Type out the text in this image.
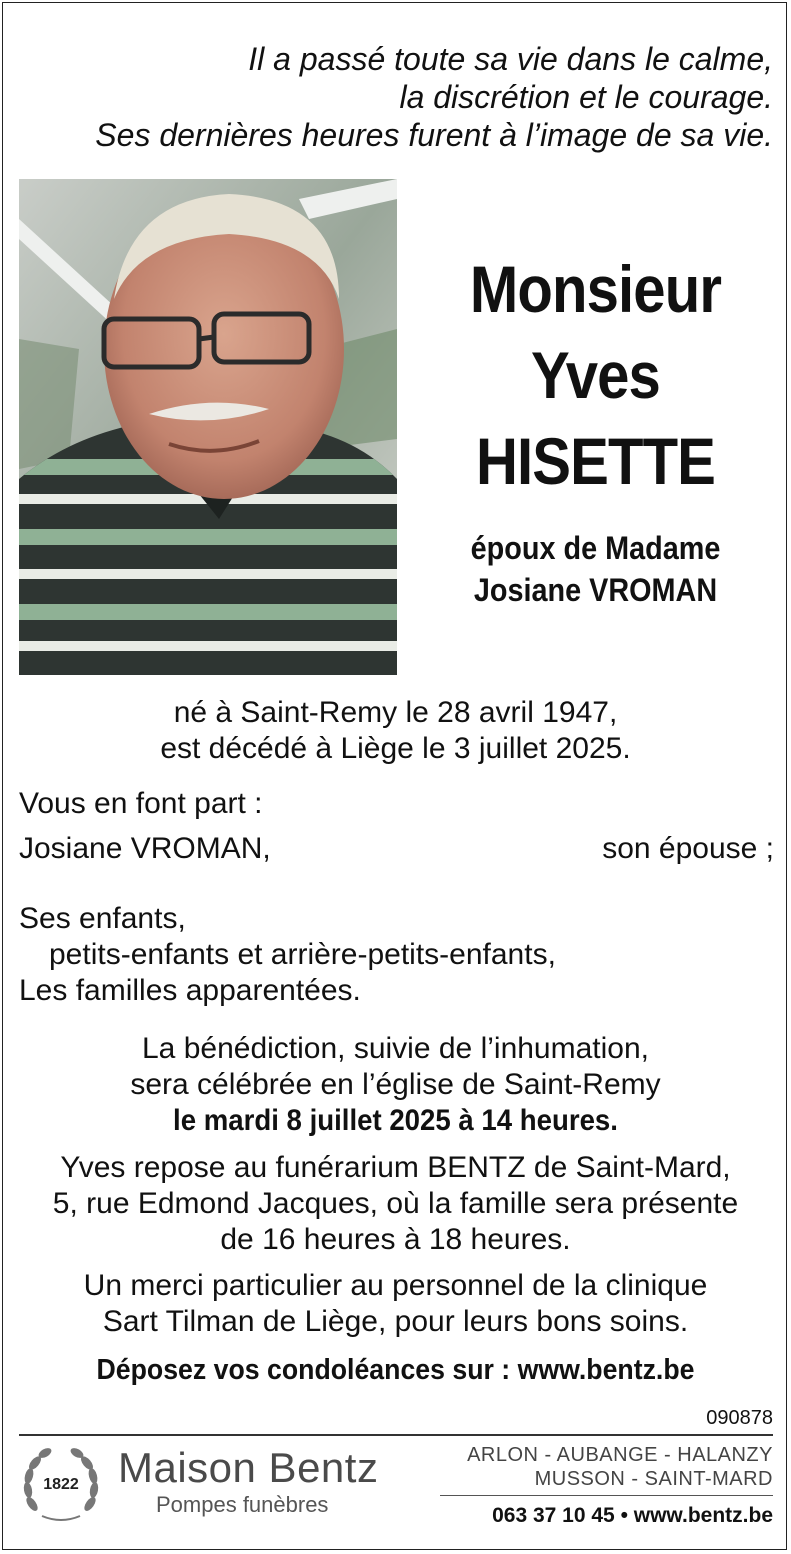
Il a passé toute sa vie dans le calme,
la discrétion et le courage.
Ses dernières heures furent à l’image de sa vie.
Monsieur
Yves
HISETTE
époux de Madame
Josiane VROMAN
né à Saint-Remy le 28 avril 1947,
est décédé à Liège le 3 juillet 2025.
Vous en font part :
Josiane VROMAN,	son épouse ;
Ses enfants,
petits-enfants et arrière-petits-enfants,
Les familles apparentées.
La bénédiction, suivie de l’inhumation,
sera célébrée en l’église de Saint-Remy
le mardi 8 juillet 2025 à 14 heures.
Yves repose au funérarium BENTZ de Saint-Mard,
5, rue Edmond Jacques, où la famille sera présente
de 16 heures à 18 heures.
Un merci particulier au personnel de la clinique
Sart Tilman de Liège, pour leurs bons soins.
Déposez vos condoléances sur : www.bentz.be
090878
1822 Maison Bentz
Pompes funèbres
ARLON - AUBANGE - HALANZY
MUSSON - SAINT-MARD
063 37 10 45 • www.bentz.be
